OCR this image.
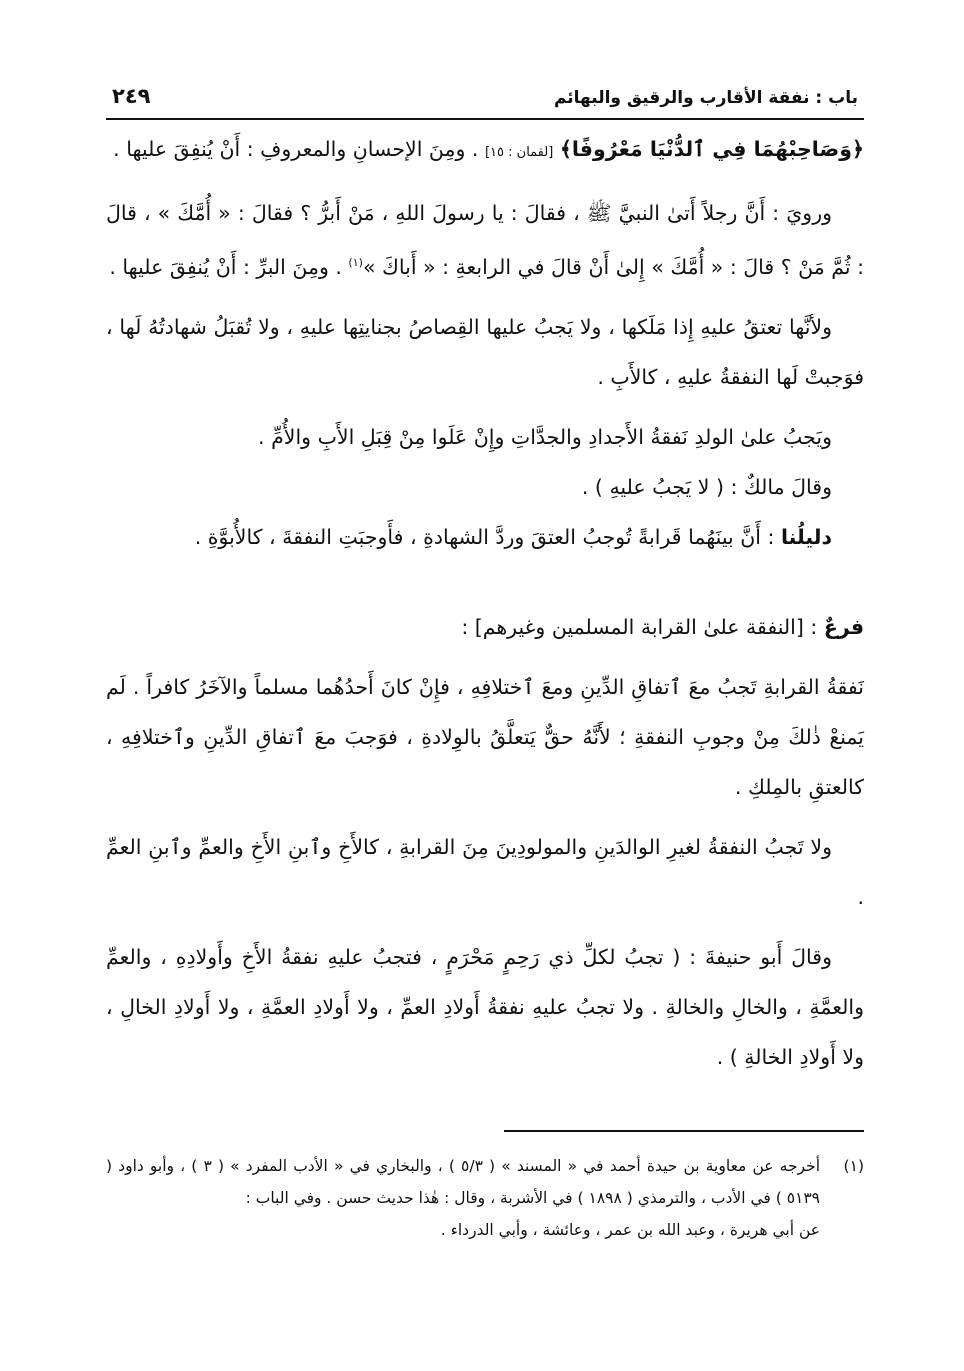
باب : نفقة الأقارب والرقيق والبهائم
٢٤٩

﴿وَصَاحِبْهُمَا فِي ٱلدُّنْيَا مَعْرُوفًا﴾ [لقمان : ١٥] . ومِنَ الإحسانِ والمعروفِ : أَنْ يُنفِقَ عليها .

ورويَ : أَنَّ رجلاً أَتىٰ النبيَّ ﷺ ، فقالَ : يا رسولَ اللهِ ، مَنْ أَبرُّ ؟ فقالَ : « أُمَّكَ » ، قالَ : ثُمَّ مَنْ ؟ قالَ : « أُمَّكَ » إِلىٰ أَنْ قالَ في الرابعةِ : « أَباكَ »$^{(١)}$ . ومِنَ البرِّ : أَنْ يُنفِقَ عليها .

ولأنَّها تعتقُ عليهِ إِذا مَلَكها ، ولا يَجبُ عليها القِصاصُ بجنايتِها عليهِ ، ولا تُقبَلُ شهادتُهُ لَها ، فوَجبتْ لَها النفقةُ عليهِ ، كالأَبِ .

ويَجبُ علىٰ الولدِ نَفقةُ الأَجدادِ والجدَّاتِ وإِنْ عَلَوا مِنْ قِبَلِ الأَبِ والأُمِّ .

وقالَ مالكٌ : ( لا يَجبُ عليهِ ) .

دليلُنا : أَنَّ بينَهُما قَرابةً تُوجبُ العتقَ وردَّ الشهادةِ ، فأَوجبَتِ النفقةَ ، كالأُبوَّةِ .

فرعٌ : [النفقة علىٰ القرابة المسلمين وغيرهم] :

نَفقةُ القرابةِ تَجبُ معَ ٱتفاقِ الدِّينِ ومعَ ٱختلافِهِ ، فإِنْ كانَ أَحدُهُما مسلماً والآخَرُ كافراً . لَم يَمنعْ ذٰلكَ مِنْ وجوبِ النفقةِ ؛ لأَنَّهُ حقٌّ يَتعلَّقُ بالوِلادةِ ، فوَجبَ معَ ٱتفاقِ الدِّينِ وٱختلافِهِ ، كالعتقِ بالمِلكِ .

ولا تَجبُ النفقةُ لغيرِ الوالدَينِ والمولودِينَ مِنَ القرابةِ ، كالأَخِ وٱبنِ الأَخِ والعمِّ وٱبنِ العمِّ .

وقالَ أَبو حنيفةَ : ( تجبُ لكلِّ ذي رَحِمٍ مَحْرَمٍ ، فتجبُ عليهِ نفقةُ الأَخِ وأَولادِهِ ، والعمِّ والعمَّةِ ، والخالِ والخالةِ . ولا تجبُ عليهِ نفقةُ أَولادِ العمِّ ، ولا أَولادِ العمَّةِ ، ولا أَولادِ الخالِ ، ولا أَولادِ الخالةِ ) .

(١)
أخرجه عن معاوية بن حيدة أحمد في « المسند » ( ٥/٣ ) ، والبخاري في « الأدب المفرد » ( ٣ ) ، وأبو داود ( ٥١٣٩ ) في الأدب ، والترمذي ( ١٨٩٨ ) في الأشربة ، وقال : هٰذا حديث حسن . وفي الباب :
عن أبي هريرة ، وعبد الله بن عمر ، وعائشة ، وأبي الدرداء .
